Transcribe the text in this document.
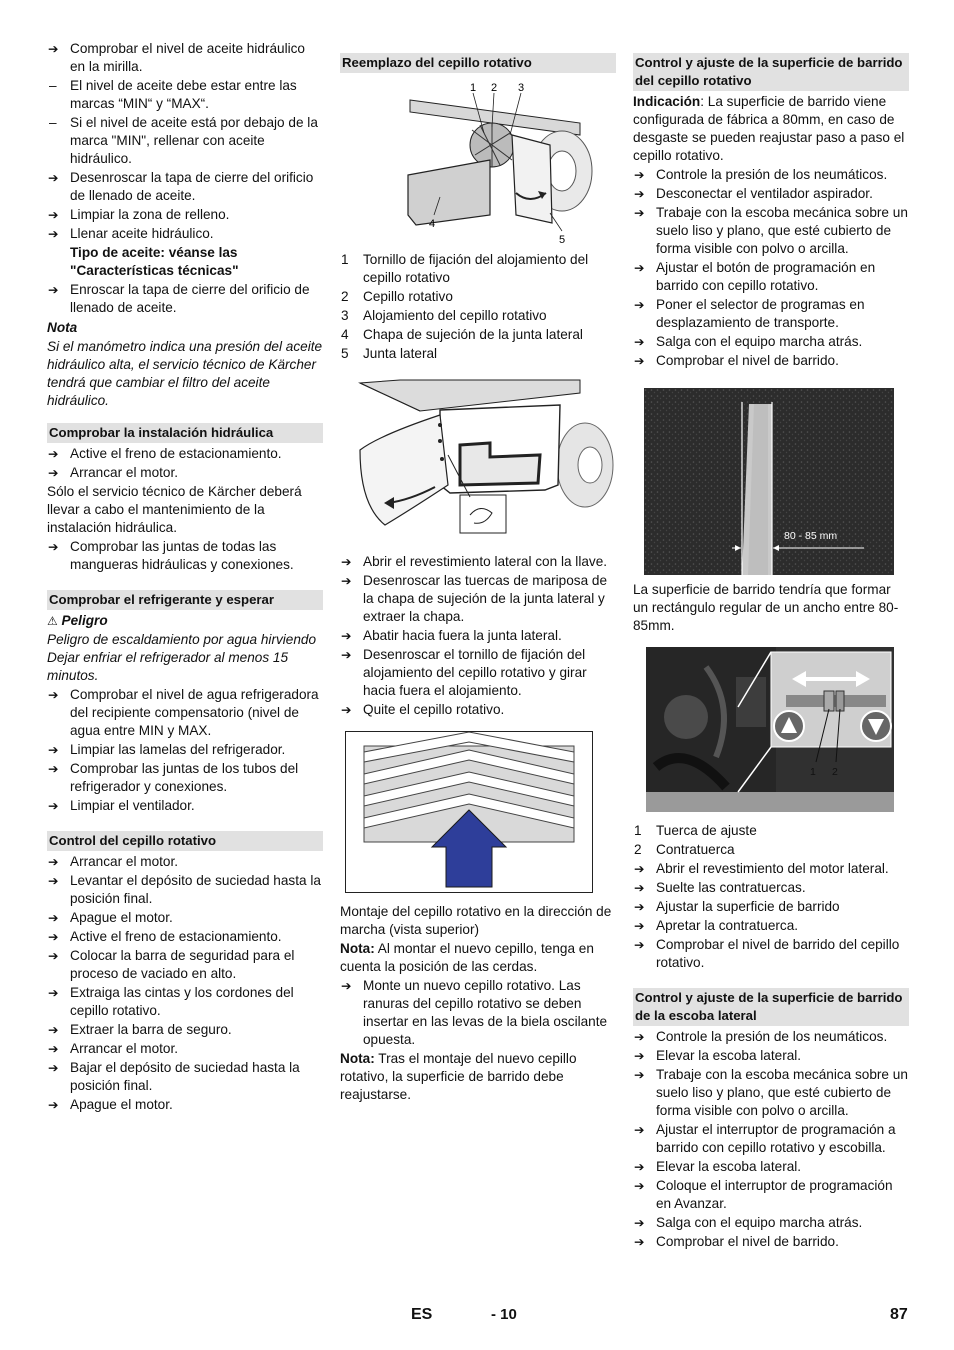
➔ Comprobar el nivel de aceite hidráulico en la mirilla.
– El nivel de aceite debe estar entre las marcas “MIN“ y “MAX“.
– Si el nivel de aceite está por debajo de la marca "MIN", rellenar con aceite hidráulico.
➔ Desenroscar la tapa de cierre del orificio de llenado de aceite.
➔ Limpiar la zona de relleno.
➔ Llenar aceite hidráulico.
Tipo de aceite: véanse las "Características técnicas"
➔ Enroscar la tapa de cierre del orificio de llenado de aceite.
Nota
Si el manómetro indica una presión del aceite hidráulico alta, el servicio técnico de Kärcher tendrá que cambiar el filtro del aceite hidráulico.
Comprobar la instalación hidráulica
➔ Active el freno de estacionamiento.
➔ Arrancar el motor.
Sólo el servicio técnico de Kärcher deberá llevar a cabo el mantenimiento de la instalación hidráulica.
➔ Comprobar las juntas de todas las mangueras hidráulicas y conexiones.
Comprobar el refrigerante y esperar
⚠ Peligro
Peligro de escaldamiento por agua hirviendo Dejar enfriar el refrigerador al menos 15 minutos.
➔ Comprobar el nivel de agua refrigeradora del recipiente compensatorio (nivel de agua entre MIN y MAX.
➔ Limpiar las lamelas del refrigerador.
➔ Comprobar las juntas de los tubos del refrigerador y conexiones.
➔ Limpiar el ventilador.
Control del cepillo rotativo
➔ Arrancar el motor.
➔ Levantar el depósito de suciedad hasta la posición final.
➔ Apague el motor.
➔ Active el freno de estacionamiento.
➔ Colocar la barra de seguridad para el proceso de vaciado en alto.
➔ Extraiga las cintas y los cordones del cepillo rotativo.
➔ Extraer la barra de seguro.
➔ Arrancar el motor.
➔ Bajar el depósito de suciedad hasta la posición final.
➔ Apague el motor.
Reemplazo del cepillo rotativo
1 2 3
4
5
1 Tornillo de fijación del alojamiento del cepillo rotativo
2 Cepillo rotativo
3 Alojamiento del cepillo rotativo
4 Chapa de sujeción de la junta lateral
5 Junta lateral
➔ Abrir el revestimiento lateral con la llave.
➔ Desenroscar las tuercas de mariposa de la chapa de sujeción de la junta lateral y extraer la chapa.
➔ Abatir hacia fuera la junta lateral.
➔ Desenroscar el tornillo de fijación del alojamiento del cepillo rotativo y girar hacia fuera el alojamiento.
➔ Quite el cepillo rotativo.
Montaje del cepillo rotativo en la dirección de marcha (vista superior)
Nota: Al montar el nuevo cepillo, tenga en cuenta la posición de las cerdas.
➔ Monte un nuevo cepillo rotativo. Las ranuras del cepillo rotativo se deben insertar en las levas de la biela oscilante opuesta.
Nota: Tras el montaje del nuevo cepillo rotativo, la superficie de barrido debe reajustarse.
Control y ajuste de la superficie de barrido del cepillo rotativo
Indicación: La superficie de barrido viene configurada de fábrica a 80mm, en caso de desgaste se pueden reajustar paso a paso el cepillo rotativo.
➔ Controle la presión de los neumáticos.
➔ Desconectar el ventilador aspirador.
➔ Trabaje con la escoba mecánica sobre un suelo liso y plano, que esté cubierto de forma visible con polvo o arcilla.
➔ Ajustar el botón de programación en barrido con cepillo rotativo.
➔ Poner el selector de programas en desplazamiento de transporte.
➔ Salga con el equipo marcha atrás.
➔ Comprobar el nivel de barrido.
80 - 85 mm
La superficie de barrido tendría que formar un rectángulo regular de un ancho entre 80-85mm.
1 2
1 Tuerca de ajuste
2 Contratuerca
➔ Abrir el revestimiento del motor lateral.
➔ Suelte las contratuercas.
➔ Ajustar la superficie de barrido
➔ Apretar la contratuerca.
➔ Comprobar el nivel de barrido del cepillo rotativo.
Control y ajuste de la superficie de barrido de la escoba lateral
➔ Controle la presión de los neumáticos.
➔ Elevar la escoba lateral.
➔ Trabaje con la escoba mecánica sobre un suelo liso y plano, que esté cubierto de forma visible con polvo o arcilla.
➔ Ajustar el interruptor de programación a barrido con cepillo rotativo y escobilla.
➔ Elevar la escoba lateral.
➔ Coloque el interruptor de programación en Avanzar.
➔ Salga con el equipo marcha atrás.
➔ Comprobar el nivel de barrido.
ES	- 10	87
